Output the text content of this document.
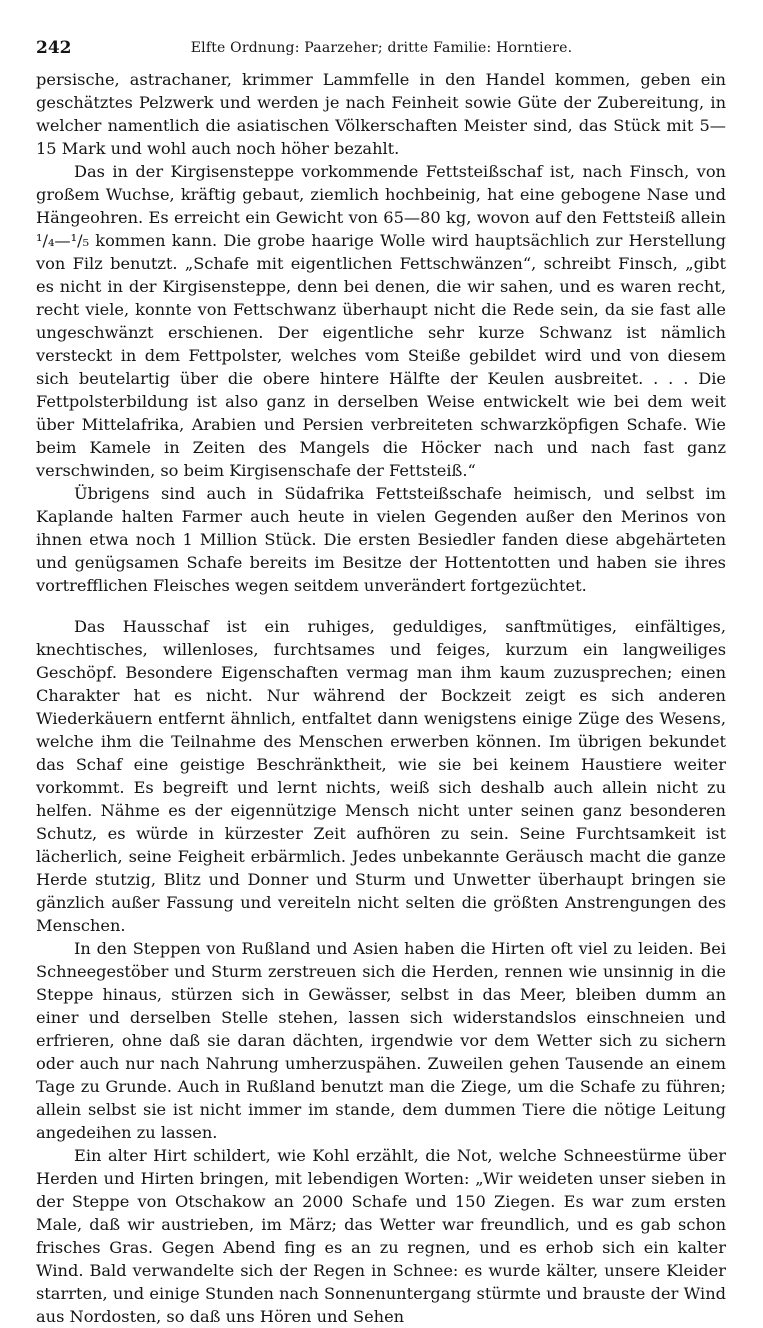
242	Elfte Ordnung: Paarzeher; dritte Familie: Horntiere.

persische, astrachaner, krimmer Lammfelle in den Handel kommen, geben ein geschätztes Pelzwerk und werden je nach Feinheit sowie Güte der Zubereitung, in welcher namentlich die asiatischen Völkerschaften Meister sind, das Stück mit 5—15 Mark und wohl auch noch höher bezahlt.

Das in der Kirgisensteppe vorkommende Fettsteißschaf ist, nach Finsch, von großem Wuchse, kräftig gebaut, ziemlich hochbeinig, hat eine gebogene Nase und Hängeohren. Es erreicht ein Gewicht von 65—80 kg, wovon auf den Fettsteiß allein ¹/₄—¹/₅ kommen kann. Die grobe haarige Wolle wird hauptsächlich zur Herstellung von Filz benutzt. „Schafe mit eigentlichen Fettschwänzen“, schreibt Finsch, „gibt es nicht in der Kirgisensteppe, denn bei denen, die wir sahen, und es waren recht, recht viele, konnte von Fettschwanz überhaupt nicht die Rede sein, da sie fast alle ungeschwänzt erschienen. Der eigentliche sehr kurze Schwanz ist nämlich versteckt in dem Fettpolster, welches vom Steiße gebildet wird und von diesem sich beutelartig über die obere hintere Hälfte der Keulen ausbreitet. . . . Die Fettpolsterbildung ist also ganz in derselben Weise entwickelt wie bei dem weit über Mittelafrika, Arabien und Persien verbreiteten schwarzköpfigen Schafe. Wie beim Kamele in Zeiten des Mangels die Höcker nach und nach fast ganz verschwinden, so beim Kirgisenschafe der Fettsteiß.“

Übrigens sind auch in Südafrika Fettsteißschafe heimisch, und selbst im Kaplande halten Farmer auch heute in vielen Gegenden außer den Merinos von ihnen etwa noch 1 Million Stück. Die ersten Besiedler fanden diese abgehärteten und genügsamen Schafe bereits im Besitze der Hottentotten und haben sie ihres vortrefflichen Fleisches wegen seitdem unverändert fortgezüchtet.

Das Hausschaf ist ein ruhiges, geduldiges, sanftmütiges, einfältiges, knechtisches, willenloses, furchtsames und feiges, kurzum ein langweiliges Geschöpf. Besondere Eigenschaften vermag man ihm kaum zuzusprechen; einen Charakter hat es nicht. Nur während der Bockzeit zeigt es sich anderen Wiederkäuern entfernt ähnlich, entfaltet dann wenigstens einige Züge des Wesens, welche ihm die Teilnahme des Menschen erwerben können. Im übrigen bekundet das Schaf eine geistige Beschränktheit, wie sie bei keinem Haustiere weiter vorkommt. Es begreift und lernt nichts, weiß sich deshalb auch allein nicht zu helfen. Nähme es der eigennützige Mensch nicht unter seinen ganz besonderen Schutz, es würde in kürzester Zeit aufhören zu sein. Seine Furchtsamkeit ist lächerlich, seine Feigheit erbärmlich. Jedes unbekannte Geräusch macht die ganze Herde stutzig, Blitz und Donner und Sturm und Unwetter überhaupt bringen sie gänzlich außer Fassung und vereiteln nicht selten die größten Anstrengungen des Menschen.

In den Steppen von Rußland und Asien haben die Hirten oft viel zu leiden. Bei Schneegestöber und Sturm zerstreuen sich die Herden, rennen wie unsinnig in die Steppe hinaus, stürzen sich in Gewässer, selbst in das Meer, bleiben dumm an einer und derselben Stelle stehen, lassen sich widerstandslos einschneien und erfrieren, ohne daß sie daran dächten, irgendwie vor dem Wetter sich zu sichern oder auch nur nach Nahrung umherzuspähen. Zuweilen gehen Tausende an einem Tage zu Grunde. Auch in Rußland benutzt man die Ziege, um die Schafe zu führen; allein selbst sie ist nicht immer im stande, dem dummen Tiere die nötige Leitung angedeihen zu lassen.

Ein alter Hirt schildert, wie Kohl erzählt, die Not, welche Schneestürme über Herden und Hirten bringen, mit lebendigen Worten: „Wir weideten unser sieben in der Steppe von Otschakow an 2000 Schafe und 150 Ziegen. Es war zum ersten Male, daß wir austrieben, im März; das Wetter war freundlich, und es gab schon frisches Gras. Gegen Abend fing es an zu regnen, und es erhob sich ein kalter Wind. Bald verwandelte sich der Regen in Schnee: es wurde kälter, unsere Kleider starrten, und einige Stunden nach Sonnenuntergang stürmte und brauste der Wind aus Nordosten, so daß uns Hören und Sehen
